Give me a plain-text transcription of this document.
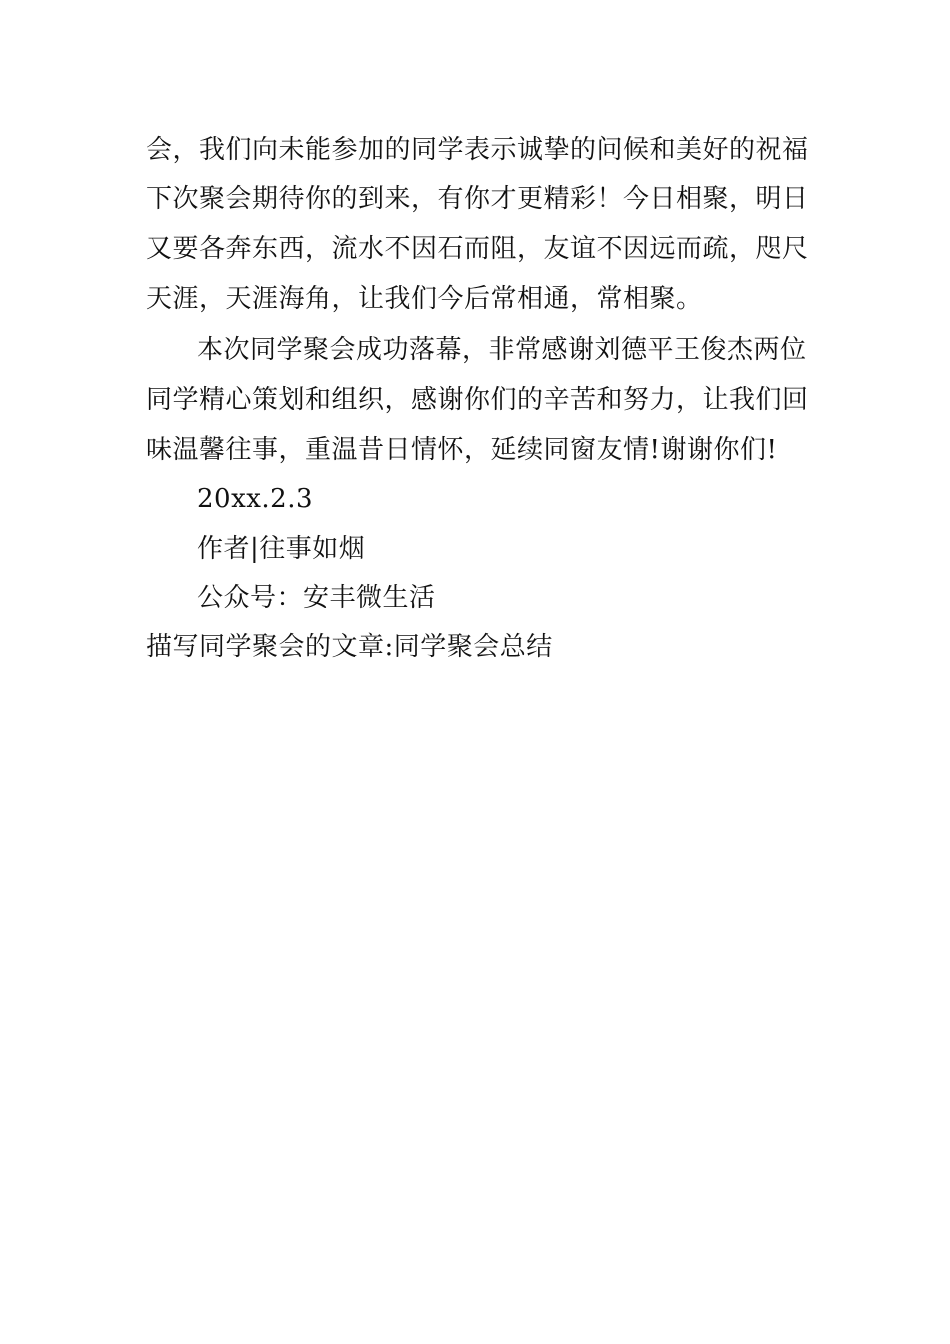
会，我们向未能参加的同学表示诚挚的问候和美好的祝福
下次聚会期待你的到来，有你才更精彩！今日相聚，明日
又要各奔东西，流水不因石而阻，友谊不因远而疏，咫尺
天涯，天涯海角，让我们今后常相通，常相聚。
本次同学聚会成功落幕，非常感谢刘德平王俊杰两位
同学精心策划和组织，感谢你们的辛苦和努力，让我们回
味温馨往事，重温昔日情怀，延续同窗友情!谢谢你们!
20xx.2.3
作者|往事如烟
公众号：安丰微生活
描写同学聚会的文章:同学聚会总结
